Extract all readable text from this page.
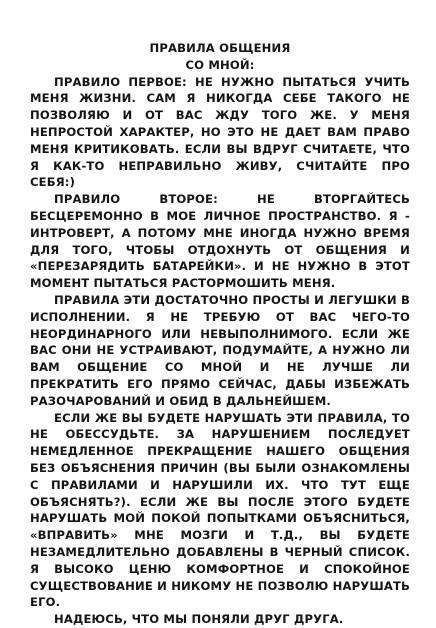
ПРАВИЛА ОБЩЕНИЯ

СО МНОЙ:

ПРАВИЛО ПЕРВОЕ: НЕ НУЖНО ПЫТАТЬСЯ УЧИТЬ МЕНЯ ЖИЗНИ. САМ Я НИКОГДА СЕБЕ ТАКОГО НЕ ПОЗВОЛЯЮ И ОТ ВАС ЖДУ ТОГО ЖЕ. У МЕНЯ НЕПРОСТОЙ ХАРАКТЕР, НО ЭТО НЕ ДАЕТ ВАМ ПРАВО МЕНЯ КРИТИКОВАТЬ. ЕСЛИ ВЫ ВДРУГ СЧИТАЕТЕ, ЧТО Я КАК-ТО НЕПРАВИЛЬНО ЖИВУ, СЧИТАЙТЕ ПРО СЕБЯ:)

ПРАВИЛО ВТОРОЕ: НЕ ВТОРГАЙТЕСЬ БЕСЦЕРЕМОННО В МОЕ ЛИЧНОЕ ПРОСТРАНСТВО. Я - ИНТРОВЕРТ, А ПОТОМУ МНЕ ИНОГДА НУЖНО ВРЕМЯ ДЛЯ ТОГО, ЧТОБЫ ОТДОХНУТЬ ОТ ОБЩЕНИЯ И «ПЕРЕЗАРЯДИТЬ БАТАРЕЙКИ». И НЕ НУЖНО В ЭТОТ МОМЕНТ ПЫТАТЬСЯ РАСТОРМОШИТЬ МЕНЯ.

ПРАВИЛА ЭТИ ДОСТАТОЧНО ПРОСТЫ И ЛЕГУШКИ В ИСПОЛНЕНИИ. Я НЕ ТРЕБУЮ ОТ ВАС ЧЕГО-ТО НЕОРДИНАРНОГО ИЛИ НЕВЫПОЛНИМОГО. ЕСЛИ ЖЕ ВАС ОНИ НЕ УСТРАИВАЮТ, ПОДУМАЙТЕ, А НУЖНО ЛИ ВАМ ОБЩЕНИЕ СО МНОЙ И НЕ ЛУЧШЕ ЛИ ПРЕКРАТИТЬ ЕГО ПРЯМО СЕЙЧАС, ДАБЫ ИЗБЕЖАТЬ РАЗОЧАРОВАНИЙ И ОБИД В ДАЛЬНЕЙШЕМ.

ЕСЛИ ЖЕ ВЫ БУДЕТЕ НАРУШАТЬ ЭТИ ПРАВИЛА, ТО НЕ ОБЕССУДЬТЕ. ЗА НАРУШЕНИЕМ ПОСЛЕДУЕТ НЕМЕДЛЕННОЕ ПРЕКРАЩЕНИЕ НАШЕГО ОБЩЕНИЯ БЕЗ ОБЪЯСНЕНИЯ ПРИЧИН (ВЫ БЫЛИ ОЗНАКОМЛЕНЫ С ПРАВИЛАМИ И НАРУШИЛИ ИХ. ЧТО ТУТ ЕЩЕ ОБЪЯСНЯТЬ?). ЕСЛИ ЖЕ ВЫ ПОСЛЕ ЭТОГО БУДЕТЕ НАРУШАТЬ МОЙ ПОКОЙ ПОПЫТКАМИ ОБЪЯСНИТЬСЯ, «ВПРАВИТЬ» МНЕ МОЗГИ И Т.Д., ВЫ БУДЕТЕ НЕЗАМЕДЛИТЕЛЬНО ДОБАВЛЕНЫ В ЧЕРНЫЙ СПИСОК. Я ВЫСОКО ЦЕНЮ КОМФОРТНОЕ И СПОКОЙНОЕ СУЩЕСТВОВАНИЕ И НИКОМУ НЕ ПОЗВОЛЮ НАРУШАТЬ ЕГО.

НАДЕЮСЬ, ЧТО МЫ ПОНЯЛИ ДРУГ ДРУГА.
